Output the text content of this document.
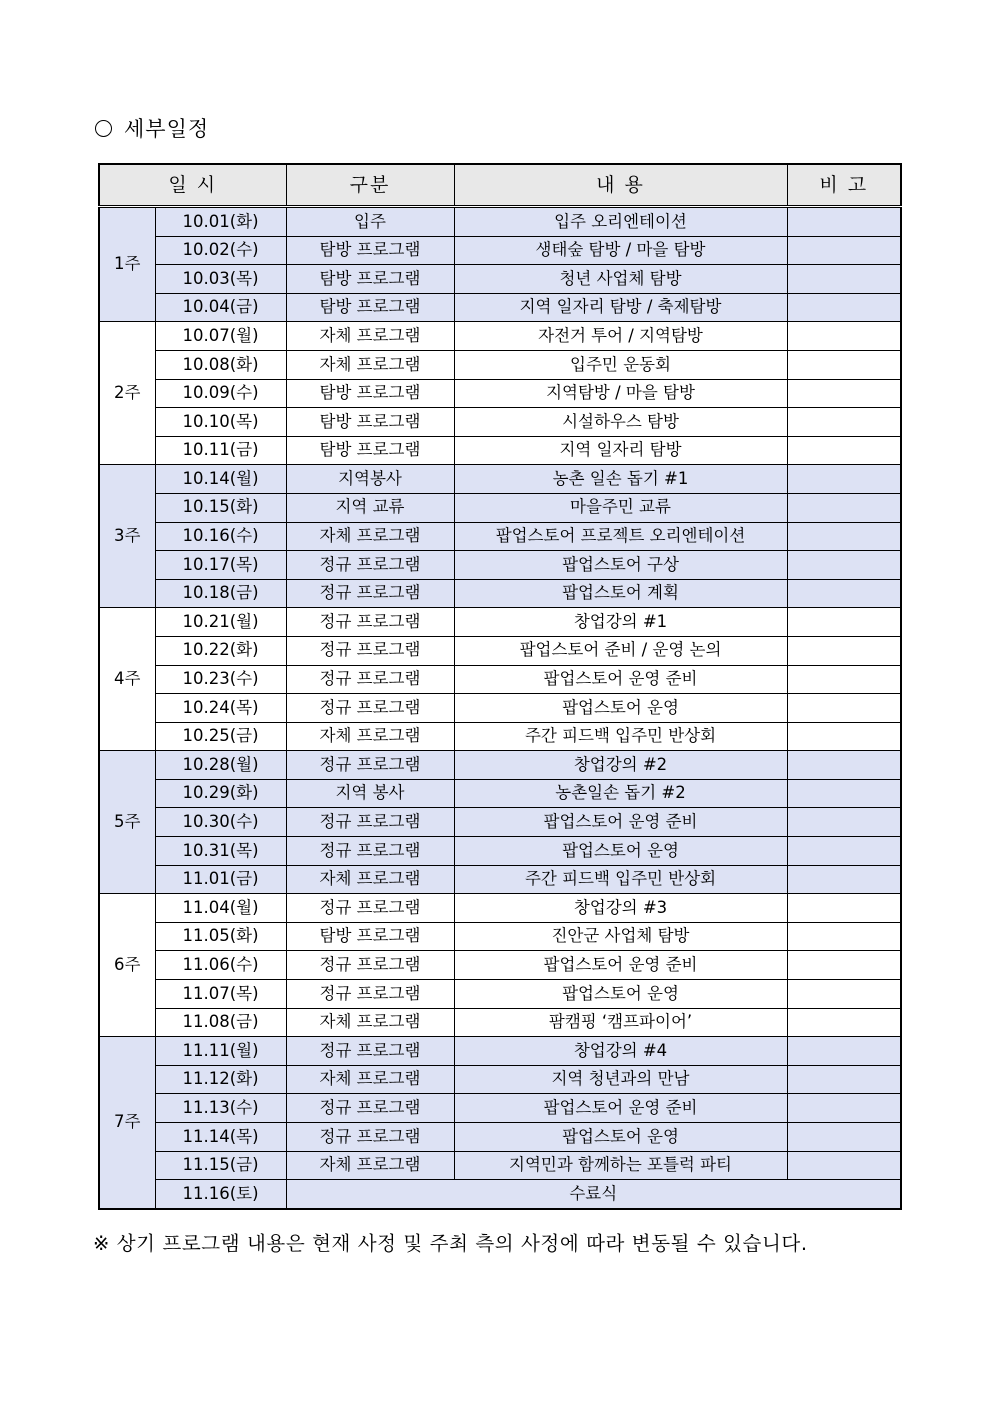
세부일정
일 시		구분	내 용	비 고
1주	10.01(화)	입주	입주 오리엔테이션	
	10.02(수)	탐방 프로그램	생태숲 탐방 / 마을 탐방	
	10.03(목)	탐방 프로그램	청년 사업체 탐방	
	10.04(금)	탐방 프로그램	지역 일자리 탐방 / 축제탐방	
2주	10.07(월)	자체 프로그램	자전거 투어 / 지역탐방	
	10.08(화)	자체 프로그램	입주민 운동회	
	10.09(수)	탐방 프로그램	지역탐방 / 마을 탐방	
	10.10(목)	탐방 프로그램	시설하우스 탐방	
	10.11(금)	탐방 프로그램	지역 일자리 탐방	
3주	10.14(월)	지역봉사	농촌 일손 돕기 #1	
	10.15(화)	지역 교류	마을주민 교류	
	10.16(수)	자체 프로그램	팝업스토어 프로젝트 오리엔테이션	
	10.17(목)	정규 프로그램	팝업스토어 구상	
	10.18(금)	정규 프로그램	팝업스토어 계획	
4주	10.21(월)	정규 프로그램	창업강의 #1	
	10.22(화)	정규 프로그램	팝업스토어 준비 / 운영 논의	
	10.23(수)	정규 프로그램	팝업스토어 운영 준비	
	10.24(목)	정규 프로그램	팝업스토어 운영	
	10.25(금)	자체 프로그램	주간 피드백 입주민 반상회	
5주	10.28(월)	정규 프로그램	창업강의 #2	
	10.29(화)	지역 봉사	농촌일손 돕기 #2	
	10.30(수)	정규 프로그램	팝업스토어 운영 준비	
	10.31(목)	정규 프로그램	팝업스토어 운영	
	11.01(금)	자체 프로그램	주간 피드백 입주민 반상회	
6주	11.04(월)	정규 프로그램	창업강의 #3	
	11.05(화)	탐방 프로그램	진안군 사업체 탐방	
	11.06(수)	정규 프로그램	팝업스토어 운영 준비	
	11.07(목)	정규 프로그램	팝업스토어 운영	
	11.08(금)	자체 프로그램	팜캠핑 ‘캠프파이어’	
7주	11.11(월)	정규 프로그램	창업강의 #4	
	11.12(화)	자체 프로그램	지역 청년과의 만남	
	11.13(수)	정규 프로그램	팝업스토어 운영 준비	
	11.14(목)	정규 프로그램	팝업스토어 운영	
	11.15(금)	자체 프로그램	지역민과 함께하는 포틀럭 파티	
	11.16(토)	수료식		
※ 상기 프로그램 내용은 현재 사정 및 주최 측의 사정에 따라 변동될 수 있습니다.
